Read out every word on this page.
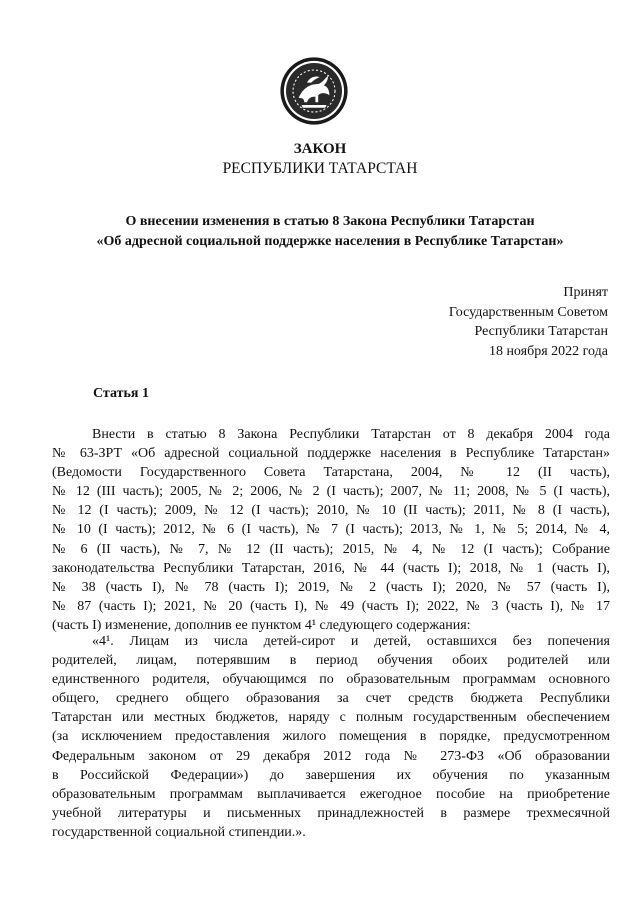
ЗАКОН

РЕСПУБЛИКИ ТАТАРСТАН

О внесении изменения в статью 8 Закона Республики Татарстан
«Об адресной социальной поддержке населения в Республике Татарстан»
Принят
Государственным Советом
Республики Татарстан
18 ноября 2022 года
Статья 1
Внести в статью 8 Закона Республики Татарстан от 8 декабря 2004 года
№ 63-ЗРТ «Об адресной социальной поддержке населения в Республике Татарстан»
(Ведомости Государственного Совета Татарстана, 2004, № 12 (II часть),
№ 12 (III часть); 2005, № 2; 2006, № 2 (I часть); 2007, № 11; 2008, № 5 (I часть),
№ 12 (I часть); 2009, № 12 (I часть); 2010, № 10 (II часть); 2011, № 8 (I часть),
№ 10 (I часть); 2012, № 6 (I часть), № 7 (I часть); 2013, № 1, № 5; 2014, № 4,
№ 6 (II часть), № 7, № 12 (II часть); 2015, № 4, № 12 (I часть); Собрание
законодательства Республики Татарстан, 2016, № 44 (часть I); 2018, № 1 (часть I),
№ 38 (часть I), № 78 (часть I); 2019, № 2 (часть I); 2020, № 57 (часть I),
№ 87 (часть I); 2021, № 20 (часть I), № 49 (часть I); 2022, № 3 (часть I), № 17
(часть I) изменение, дополнив ее пунктом 4¹ следующего содержания:
«4¹. Лицам из числа детей-сирот и детей, оставшихся без попечения
родителей, лицам, потерявшим в период обучения обоих родителей или
единственного родителя, обучающимся по образовательным программам основного
общего, среднего общего образования за счет средств бюджета Республики
Татарстан или местных бюджетов, наряду с полным государственным обеспечением
(за исключением предоставления жилого помещения в порядке, предусмотренном
Федеральным законом от 29 декабря 2012 года № 273-ФЗ «Об образовании
в Российской Федерации») до завершения их обучения по указанным
образовательным программам выплачивается ежегодное пособие на приобретение
учебной литературы и письменных принадлежностей в размере трехмесячной
государственной социальной стипендии.».
